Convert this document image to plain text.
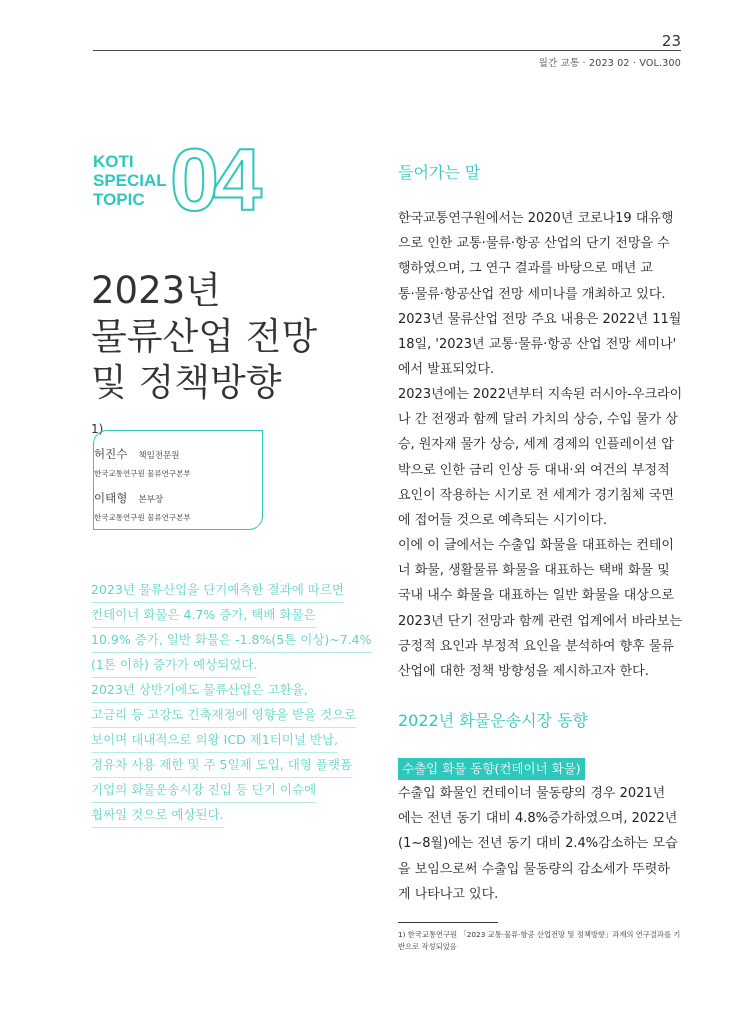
23
월간 교통 · 2023 02 · VOL.300
KOTI
SPECIAL
TOPIC 04
2023년
물류산업 전망
및 정책방향
1)
허진수 책임전문원
한국교통연구원 물류연구본부
이태형 본부장
한국교통연구원 물류연구본부

2023년 물류산업을 단기예측한 결과에 따르면
컨테이너 화물은 4.7% 증가, 택배 화물은
10.9% 증가, 일반 화물은 -1.8%(5톤 이상)~7.4%
(1톤 이하) 증가가 예상되었다.
2023년 상반기에도 물류산업은 고환율,
고금리 등 고강도 긴축재정에 영향을 받을 것으로
보이며 대내적으로 의왕 ICD 제1터미널 반납,
경유차 사용 제한 및 주 5일제 도입, 대형 플랫폼
기업의 화물운송시장 진입 등 단기 이슈에
휩싸일 것으로 예상된다.

들어가는 말

한국교통연구원에서는 2020년 코로나19 대유행
으로 인한 교통·물류·항공 산업의 단기 전망을 수
행하였으며, 그 연구 결과를 바탕으로 매년 교
통·물류·항공산업 전망 세미나를 개최하고 있다.
2023년 물류산업 전망 주요 내용은 2022년 11월
18일, '2023년 교통·물류·항공 산업 전망 세미나'
에서 발표되었다.

2023년에는 2022년부터 지속된 러시아-우크라이
나 간 전쟁과 함께 달러 가치의 상승, 수입 물가 상
승, 원자재 물가 상승, 세계 경제의 인플레이션 압
박으로 인한 금리 인상 등 대내·외 여건의 부정적
요인이 작용하는 시기로 전 세계가 경기침체 국면
에 접어들 것으로 예측되는 시기이다.

이에 이 글에서는 수출입 화물을 대표하는 컨테이
너 화물, 생활물류 화물을 대표하는 택배 화물 및
국내 내수 화물을 대표하는 일반 화물을 대상으로
2023년 단기 전망과 함께 관련 업계에서 바라보는
긍정적 요인과 부정적 요인을 분석하여 향후 물류
산업에 대한 정책 방향성을 제시하고자 한다.

2022년 화물운송시장 동향
수출입 화물 동향(컨테이너 화물)

수출입 화물인 컨테이너 물동량의 경우 2021년
에는 전년 동기 대비 4.8%증가하였으며, 2022년
(1~8월)에는 전년 동기 대비 2.4%감소하는 모습
을 보임으로써 수출입 물동량의 감소세가 뚜렷하
게 나타나고 있다.

1) 한국교통연구원 「2023 교통·물류·항공 산업전망 및 정책방향」과제의 연구결과를 기
반으로 작성되었음
